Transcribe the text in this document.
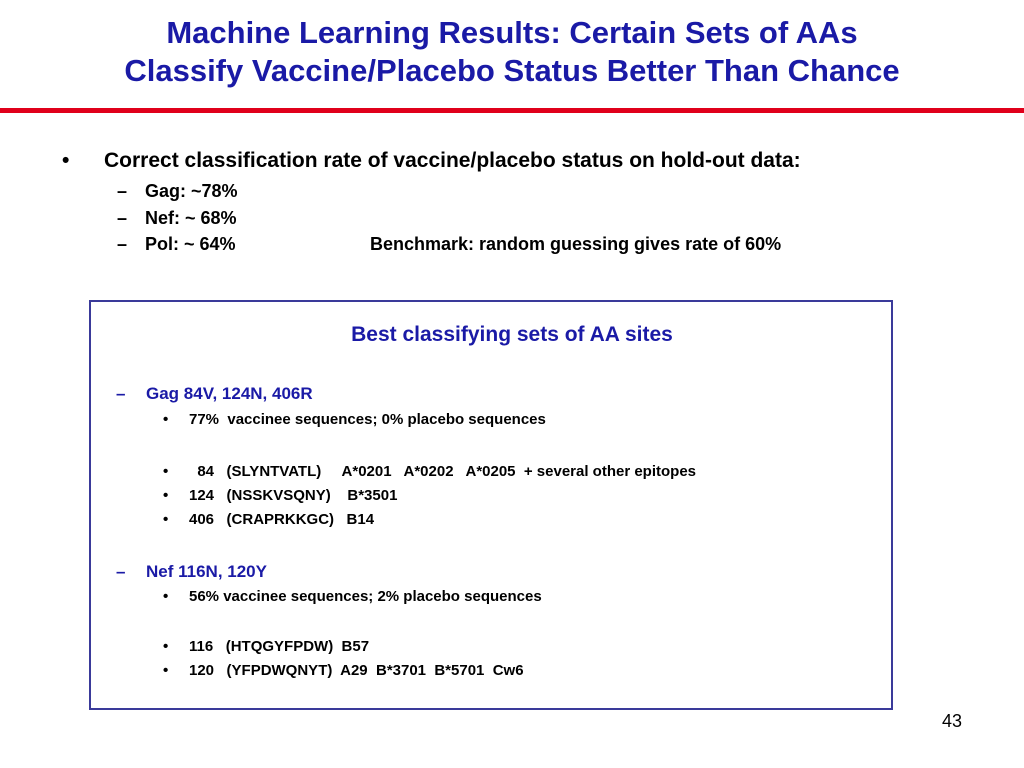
Machine Learning Results: Certain Sets of AAs
Classify Vaccine/Placebo Status Better Than Chance
• Correct classification rate of vaccine/placebo status on hold-out data:
– Gag: ~78%
– Nef: ~ 68%
– Pol: ~ 64%	Benchmark: random guessing gives rate of 60%
Best classifying sets of AA sites
– Gag 84V, 124N, 406R

•

77%  vaccinee sequences; 0% placebo sequences

•

84   (SLYNTVATL)     A*0201   A*0202   A*0205  + several other epitopes

•

124   (NSSKVSQNY)    B*3501

•

406   (CRAPRKKGC)   B14

– Nef 116N, 120Y

•

56% vaccinee sequences; 2% placebo sequences

•

116   (HTQGYFPDW)  B57

•

120   (YFPDWQNYT)  A29  B*3701  B*5701  Cw6

43
